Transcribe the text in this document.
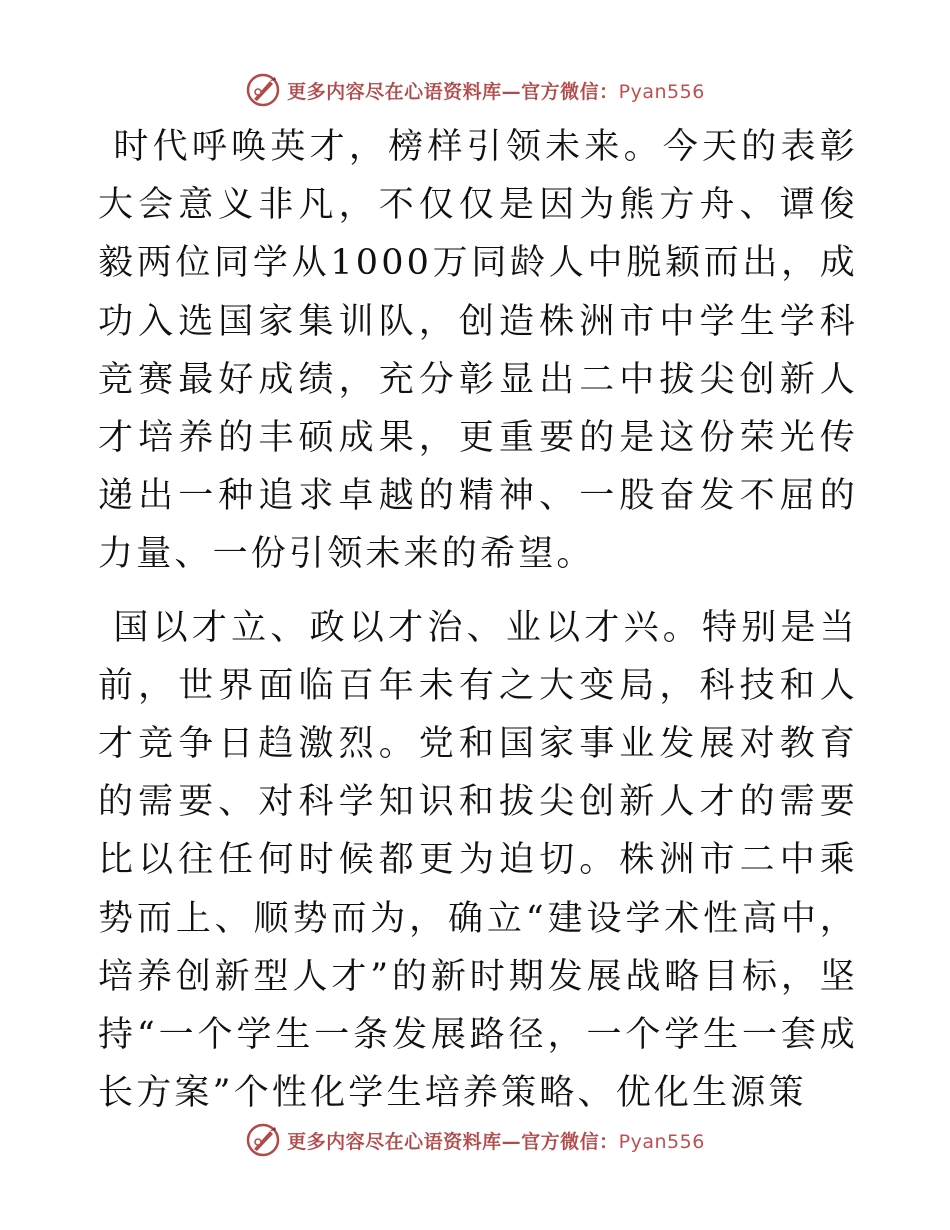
更多内容尽在心语资料库—官方微信：Pyan556

时代呼唤英才，榜样引领未来。今天的表彰大会意义非凡，不仅仅是因为熊方舟、谭俊毅两位同学从1000万同龄人中脱颖而出，成功入选国家集训队，创造株洲市中学生学科竞赛最好成绩，充分彰显出二中拔尖创新人才培养的丰硕成果，更重要的是这份荣光传递出一种追求卓越的精神、一股奋发不屈的力量、一份引领未来的希望。

国以才立、政以才治、业以才兴。特别是当前，世界面临百年未有之大变局，科技和人才竞争日趋激烈。党和国家事业发展对教育的需要、对科学知识和拔尖创新人才的需要比以往任何时候都更为迫切。株洲市二中乘势而上、顺势而为，确立“建设学术性高中，培养创新型人才”的新时期发展战略目标，坚持“一个学生一条发展路径，一个学生一套成长方案”个性化学生培养策略、优化生源策

更多内容尽在心语资料库—官方微信：Pyan556
